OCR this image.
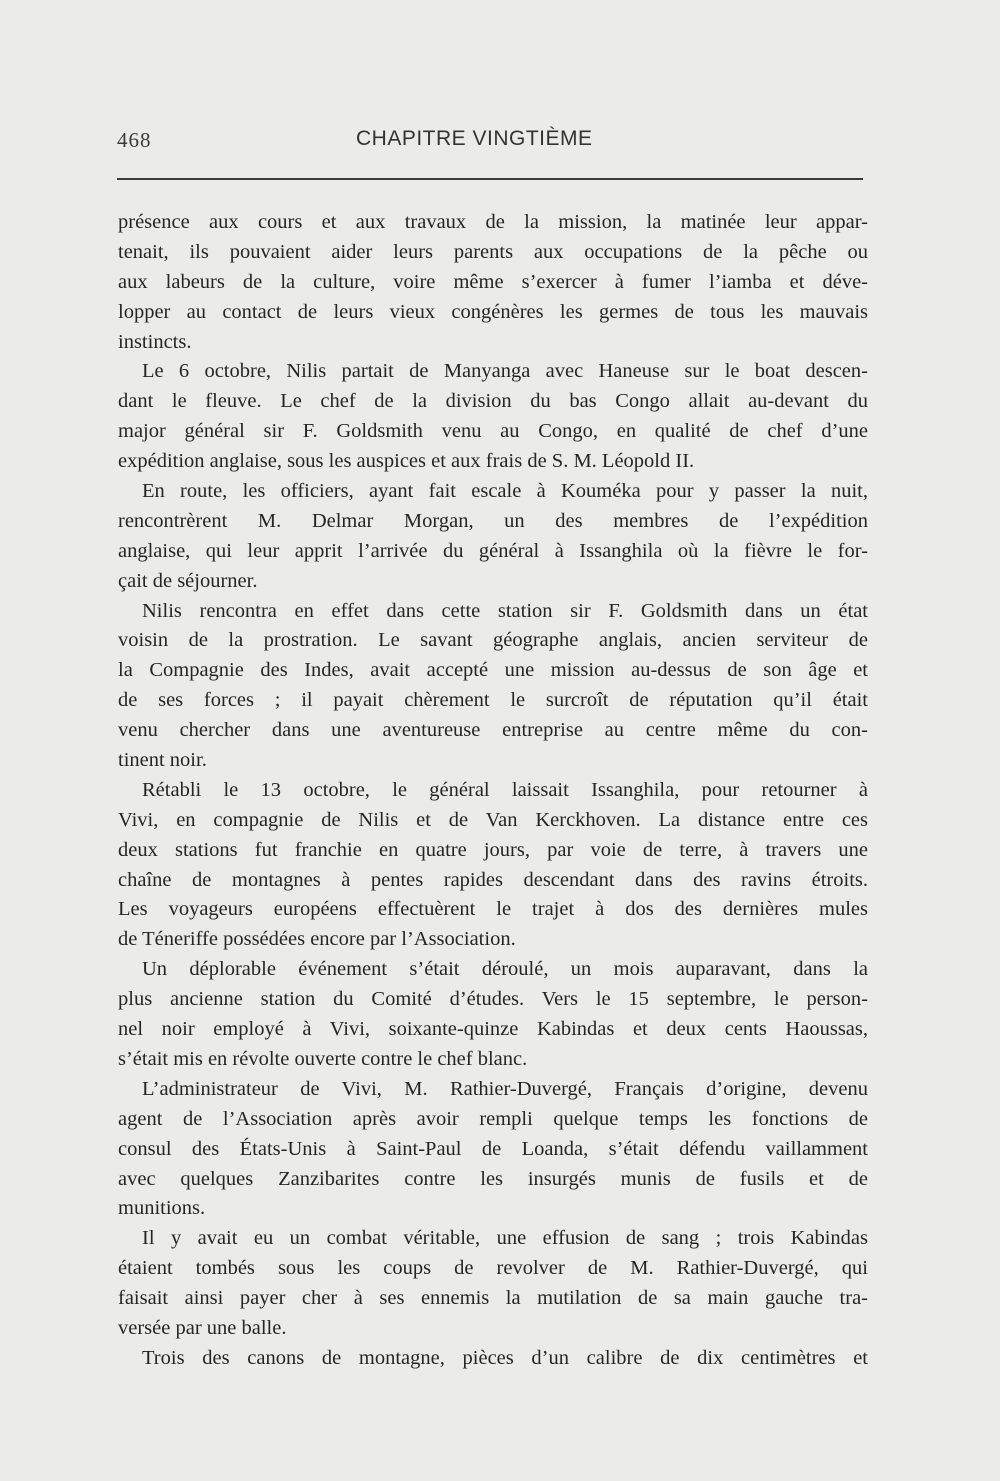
468	CHAPITRE VINGTIÈME
présence aux cours et aux travaux de la mission, la matinée leur appar-
tenait, ils pouvaient aider leurs parents aux occupations de la pêche ou
aux labeurs de la culture, voire même s’exercer à fumer l’iamba et déve-
lopper au contact de leurs vieux congénères les germes de tous les mauvais
instincts.
Le 6 octobre, Nilis partait de Manyanga avec Haneuse sur le boat descen-
dant le fleuve. Le chef de la division du bas Congo allait au-devant du
major général sir F. Goldsmith venu au Congo, en qualité de chef d’une
expédition anglaise, sous les auspices et aux frais de S. M. Léopold II.
En route, les officiers, ayant fait escale à Kouméka pour y passer la nuit,
rencontrèrent M. Delmar Morgan, un des membres de l’expédition
anglaise, qui leur apprit l’arrivée du général à Issanghila où la fièvre le for-
çait de séjourner.
Nilis rencontra en effet dans cette station sir F. Goldsmith dans un état
voisin de la prostration. Le savant géographe anglais, ancien serviteur de
la Compagnie des Indes, avait accepté une mission au-dessus de son âge et
de ses forces ; il payait chèrement le surcroît de réputation qu’il était
venu chercher dans une aventureuse entreprise au centre même du con-
tinent noir.
Rétabli le 13 octobre, le général laissait Issanghila, pour retourner à
Vivi, en compagnie de Nilis et de Van Kerckhoven. La distance entre ces
deux stations fut franchie en quatre jours, par voie de terre, à travers une
chaîne de montagnes à pentes rapides descendant dans des ravins étroits.
Les voyageurs européens effectuèrent le trajet à dos des dernières mules
de Téneriffe possédées encore par l’Association.
Un déplorable événement s’était déroulé, un mois auparavant, dans la
plus ancienne station du Comité d’études. Vers le 15 septembre, le person-
nel noir employé à Vivi, soixante-quinze Kabindas et deux cents Haoussas,
s’était mis en révolte ouverte contre le chef blanc.
L’administrateur de Vivi, M. Rathier-Duvergé, Français d’origine, devenu
agent de l’Association après avoir rempli quelque temps les fonctions de
consul des États-Unis à Saint-Paul de Loanda, s’était défendu vaillamment
avec quelques Zanzibarites contre les insurgés munis de fusils et de
munitions.
Il y avait eu un combat véritable, une effusion de sang ; trois Kabindas
étaient tombés sous les coups de revolver de M. Rathier-Duvergé, qui
faisait ainsi payer cher à ses ennemis la mutilation de sa main gauche tra-
versée par une balle.
Trois des canons de montagne, pièces d’un calibre de dix centimètres et
